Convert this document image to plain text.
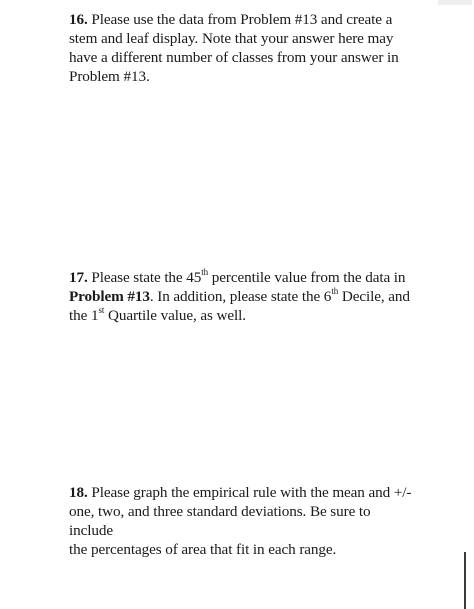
16. Please use the data from Problem #13 and create a
stem and leaf display. Note that your answer here may
have a different number of classes from your answer in
Problem #13.
17. Please state the 45th percentile value from the data in
Problem #13. In addition, please state the 6th Decile, and
the 1st Quartile value, as well.
18. Please graph the empirical rule with the mean and +/-
one, two, and three standard deviations. Be sure to include
the percentages of area that fit in each range.
